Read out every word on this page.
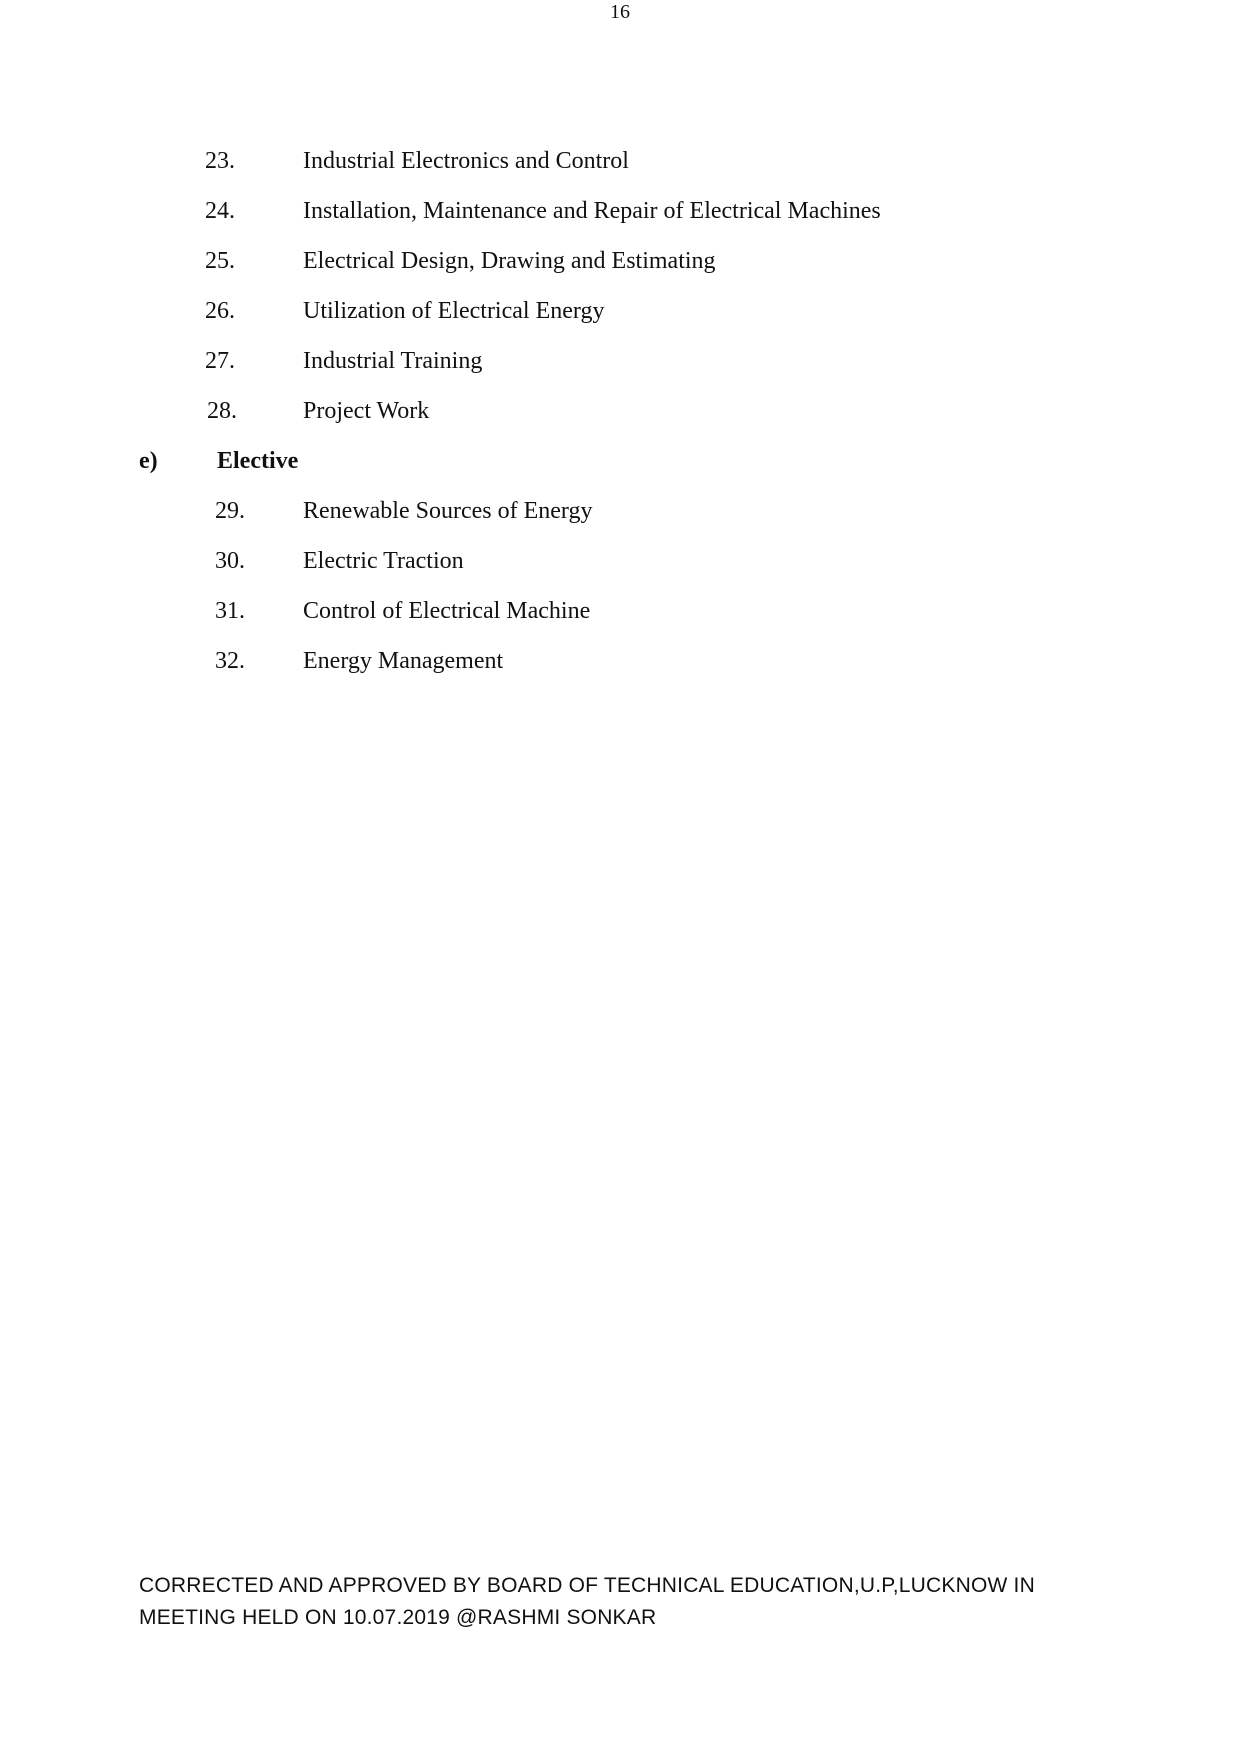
16
23.	Industrial Electronics and Control
24.	Installation, Maintenance and Repair of Electrical Machines
25.	Electrical Design, Drawing and Estimating
26.	Utilization of Electrical Energy
27.	Industrial Training
28.	Project Work
e) Elective
29. Renewable Sources of Energy
30. Electric Traction
31. Control of Electrical Machine
32. Energy Management
CORRECTED AND APPROVED BY BOARD OF TECHNICAL EDUCATION,U.P,LUCKNOW IN
MEETING HELD ON 10.07.2019 @RASHMI SONKAR
